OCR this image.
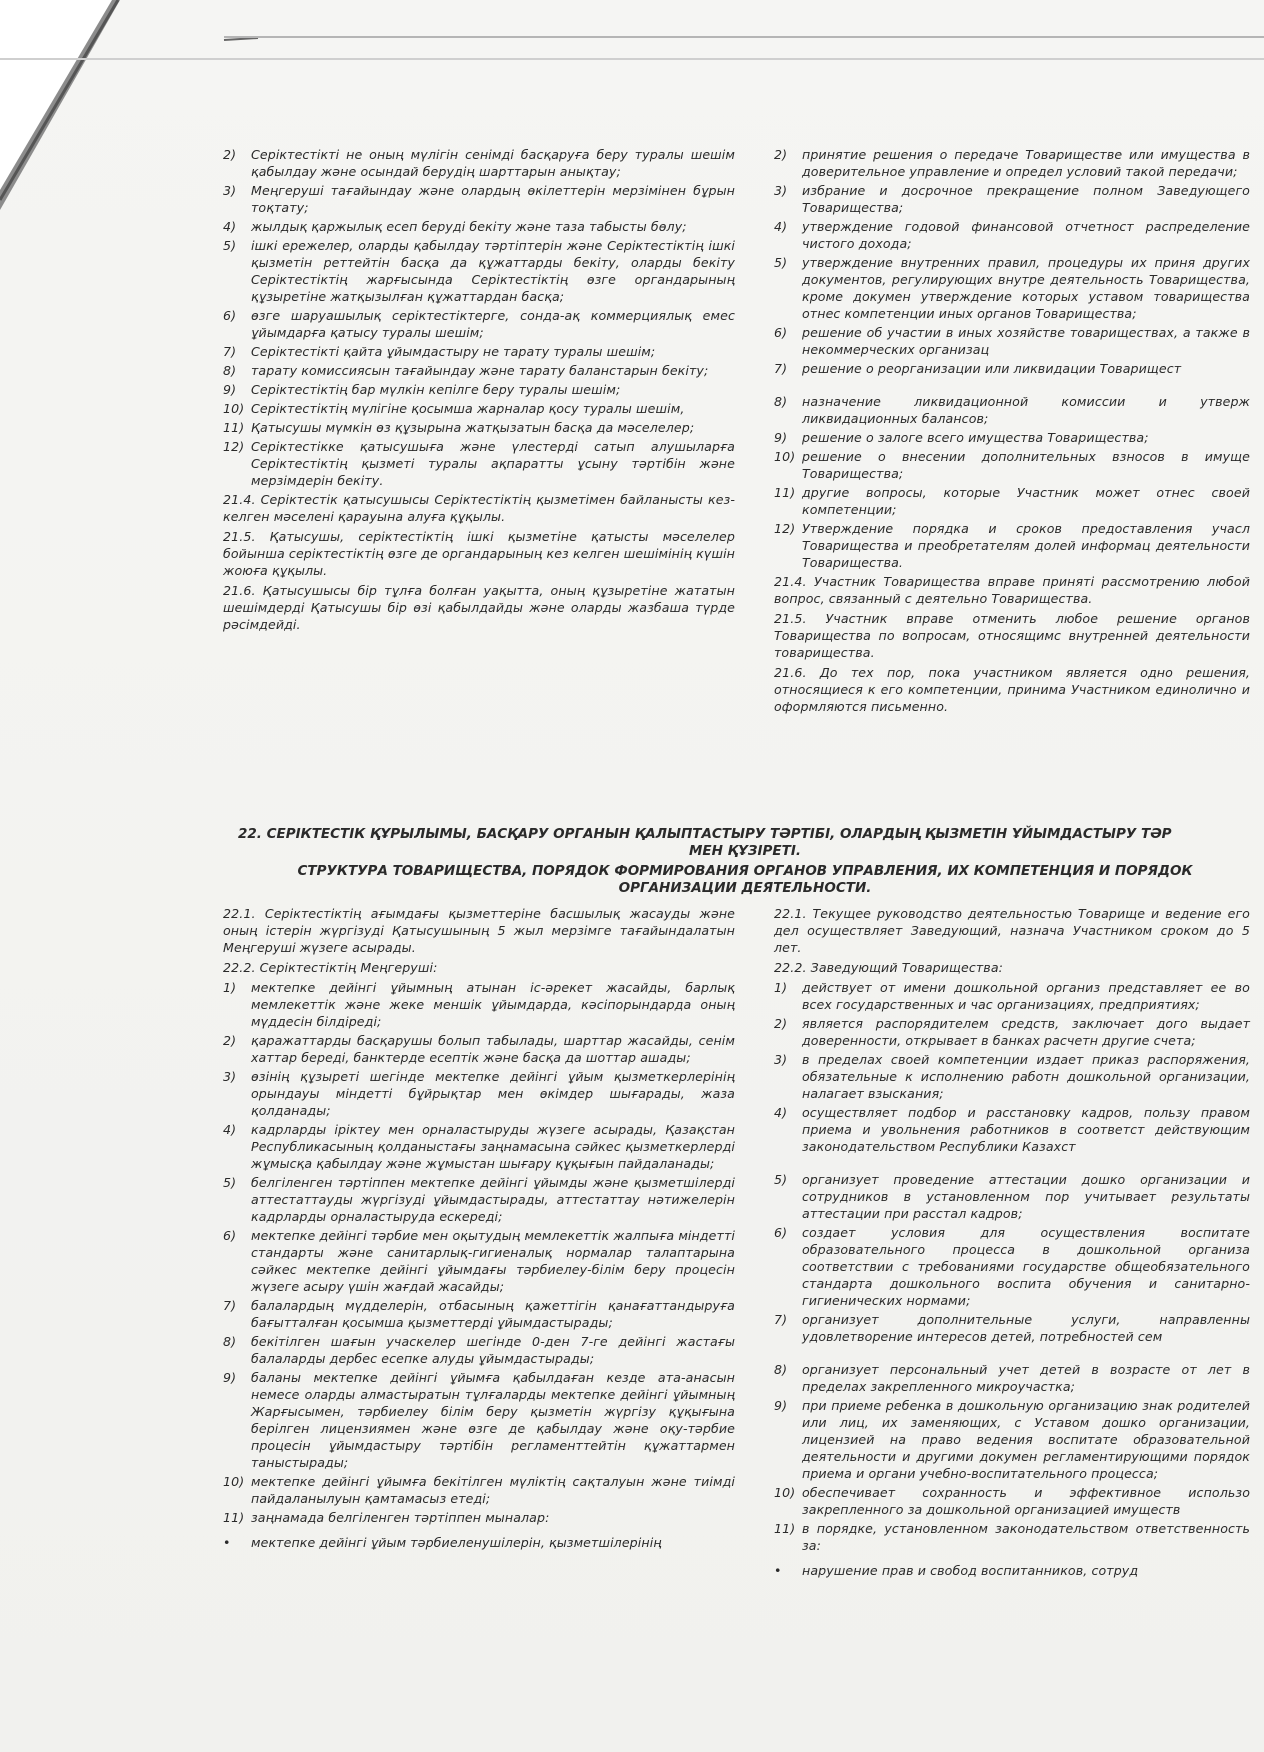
2)	Серіктестікті не оның мүлігін сенімді басқаруға беру туралы шешім қабылдау және осындай берудің шарттарын анықтау;
3)	Меңгеруші тағайындау және олардың өкілеттерін мерзімінен бұрын тоқтату;
4)	жылдық қаржылық есеп беруді бекіту және таза табысты бөлу;
5)	ішкі ережелер, оларды қабылдау тәртіптерін және Серіктестіктің ішкі қызметін реттейтін басқа да құжаттарды бекіту, оларды бекіту Серіктестіктің жарғысында Серіктестіктің өзге органдарының құзыретіне жатқызылған құжаттардан басқа;
6)	өзге шаруашылық серіктестіктерге, сонда-ақ коммерциялық емес ұйымдарға қатысу туралы шешім;
7)	Серіктестікті қайта ұйымдастыру не тарату туралы шешім;
8)	тарату комиссиясын тағайындау және тарату баланстарын бекіту;
9)	Серіктестіктің бар мүлкін кепілге беру туралы шешім;
10) Серіктестіктің мүлігіне қосымша жарналар қосу туралы шешім,
11) Қатысушы мүмкін өз құзырына жатқызатын басқа да мәселелер;
12) Серіктестікке қатысушыға және үлестерді сатып алушыларға Серіктестіктің қызметі туралы ақпаратты ұсыну тәртібін және мерзімдерін бекіту.

21.4. Серіктестік қатысушысы Серіктестіктің қызметімен байланысты кез-келген мәселені қарауына алуға құқылы.

21.5. Қатысушы, серіктестіктің ішкі қызметіне қатысты мәселелер бойынша серіктестіктің өзге де органдарының кез келген шешімінің күшін жоюға құқылы.

21.6. Қатысушысы бір тұлға болған уақытта, оның құзыретіне жататын шешімдерді Қатысушы бір өзі қабылдайды және оларды жазбаша түрде рәсімдейді.

2)	принятие решения о передаче Товариществе или имущества в доверительное управление и определ условий такой передачи;
3)	избрание и досрочное прекращение полном Заведующего Товарищества;
4)	утверждение годовой финансовой отчетност распределение чистого дохода;
5)	утверждение внутренних правил, процедуры их приня других документов, регулирующих внутре деятельность Товарищества, кроме докумен утверждение которых уставом товарищества отнес компетенции иных органов Товарищества;
6)	решение об участии в иных хозяйстве товариществах, а также в некоммерческих организац
7)	решение о реорганизации или ликвидации Товарищест
8)	назначение ликвидационной комиссии и утверж ликвидационных балансов;
9)	решение о залоге всего имущества Товарищества;
10) решение о внесении дополнительных взносов в имуще Товарищества;
11) другие вопросы, которые Участник может отнес своей компетенции;
12) Утверждение порядка и сроков предоставления учасл Товарищества и преобретателям долей информац деятельности Товарищества.

21.4. Участник Товарищества вправе приняті рассмотрению любой вопрос, связанный с деятельно Товарищества.

21.5. Участник вправе отменить любое решение органов Товарищества по вопросам, относящимс внутренней деятельности товарищества.

21.6. До тех пор, пока участником является одно решения, относящиеся к его компетенции, принима Участником единолично и оформляются письменно.

22. СЕРІКТЕСТІК ҚҰРЫЛЫМЫ, БАСҚАРУ ОРГАНЫН ҚАЛЫПТАСТЫРУ ТӘРТІБІ, ОЛАРДЫҢ ҚЫЗМЕТІН ҰЙЫМДАСТЫРУ ТӘР
МЕН ҚҰЗІРЕТІ.
СТРУКТУРА ТОВАРИЩЕСТВА, ПОРЯДОК ФОРМИРОВАНИЯ ОРГАНОВ УПРАВЛЕНИЯ, ИХ КОМПЕТЕНЦИЯ И ПОРЯДОК
ОРГАНИЗАЦИИ ДЕЯТЕЛЬНОСТИ.

22.1. Серіктестіктің ағымдағы қызметтеріне басшылық жасауды және оның істерін жүргізуді Қатысушының 5 жыл мерзімге тағайындалатын Меңгеруші жүзеге асырады.

22.2. Серіктестіктің Меңгеруші:

1)	мектепке дейінгі ұйымның атынан іс-әрекет жасайды, барлық мемлекеттік және жеке меншік ұйымдарда, кәсіпорындарда оның мүддесін білдіреді;
2)	қаражаттарды басқарушы болып табылады, шарттар жасайды, сенім хаттар береді, банктерде есептік және басқа да шоттар ашады;
3)	өзінің құзыреті шегінде мектепке дейінгі ұйым қызметкерлерінің орындауы міндетті бұйрықтар мен өкімдер шығарады, жаза қолданады;
4)	кадрларды іріктеу мен орналастыруды жүзеге асырады, Қазақстан Республикасының қолданыстағы заңнамасына сәйкес қызметкерлерді жұмысқа қабылдау және жұмыстан шығару құқығын пайдаланады;
5)	белгіленген тәртіппен мектепке дейінгі ұйымды және қызметшілерді аттестаттауды жүргізуді ұйымдастырады, аттестаттау нәтижелерін кадрларды орналастыруда ескереді;
6)	мектепке дейінгі тәрбие мен оқытудың мемлекеттік жалпыға міндетті стандарты және санитарлық-гигиеналық нормалар талаптарына сәйкес мектепке дейінгі ұйымдағы тәрбиелеу-білім беру процесін жүзеге асыру үшін жағдай жасайды;
7)	балалардың мүдделерін, отбасының қажеттігін қанағаттандыруға бағытталған қосымша қызметтерді ұйымдастырады;
8)	бекітілген шағын учаскелер шегінде 0-ден 7-ге дейінгі жастағы балаларды дербес есепке алуды ұйымдастырады;
9)	баланы мектепке дейінгі ұйымға қабылдаған кезде ата-анасын немесе оларды алмастыратын тұлғаларды мектепке дейінгі ұйымның Жарғысымен, тәрбиелеу білім беру қызметін жүргізу құқығына берілген лицензиямен және өзге де қабылдау және оқу-тәрбие процесін ұйымдастыру тәртібін регламенттейтін құжаттармен таныстырады;
10) мектепке дейінгі ұйымға бекітілген мүліктің сақталуын және тиімді пайдаланылуын қамтамасыз етеді;
11) заңнамада белгіленген тәртіппен мыналар:
•	мектепке дейінгі ұйым тәрбиеленушілерін, қызметшілерінің

22.1. Текущее руководство деятельностью Товарище и ведение его дел осуществляет Заведующий, назнача Участником сроком до 5 лет.

22.2. Заведующий Товарищества:

1)	действует от имени дошкольной организ представляет ее во всех государственных и час организациях, предприятиях;
2)	является распорядителем средств, заключает дого выдает доверенности, открывает в банках расчетн другие счета;
3)	в пределах своей компетенции издает приказ распоряжения, обязательные к исполнению работн дошкольной организации, налагает взыскания;
4)	осуществляет подбор и расстановку кадров, пользу правом приема и увольнения работников в соответст действующим законодательством Республики Казахст
5)	организует проведение аттестации дошко организации и сотрудников в установленном пор учитывает результаты аттестации при расстал кадров;
6)	создает условия для осуществления воспитате образовательного процесса в дошкольной организа соответствии с требованиями государстве общеобязательного стандарта дошкольного воспита обучения и санитарно-гигиенических нормами;
7)	организует дополнительные услуги, направленны удовлетворение интересов детей, потребностей сем
8)	организует персональный учет детей в возрасте от лет в пределах закрепленного микроучастка;
9)	при приеме ребенка в дошкольную организацию знак родителей или лиц, их заменяющих, с Уставом дошко организации, лицензией на право ведения воспитате образовательной деятельности и другими докумен регламентирующими порядок приема и органи учебно-воспитательного процесса;
10) обеспечивает сохранность и эффективное использо закрепленного за дошкольной организацией имуществ
11) в порядке, установленном законодательством ответственность за:
•	нарушение прав и свобод воспитанников, сотруд
